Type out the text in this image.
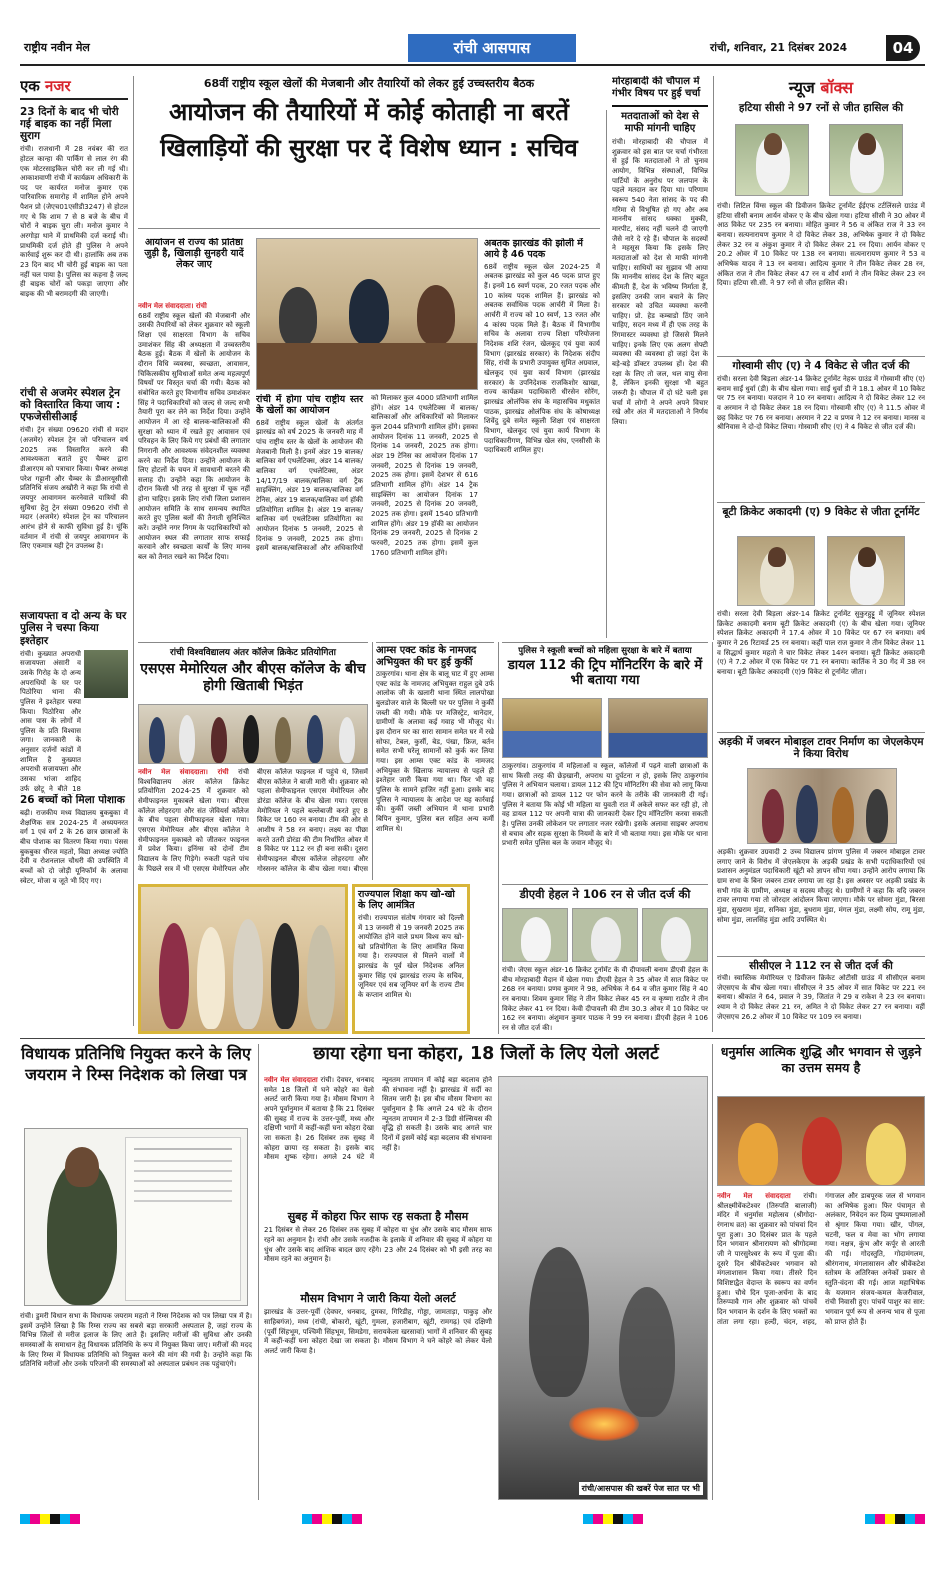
राष्ट्रीय नवीन मेल	रांची आसपास	रांची, शनिवार, 21 दिसंबर 2024	04
एक नजर
23 दिनों के बाद भी चोरी गई बाइक का नहीं मिला सुराग
रांची। राजधानी में 28 नवंबर की रात होटल कान्हा की पार्किंग से लाल रंग की एक मोटरसाइकिल चोरी कर ली गई थी। आकाशवाणी रांची में कार्यक्रम अधिकारी के पद पर कार्यरत मनोज कुमार एक पारिवारिक समारोह में शामिल होने अपने पैशन प्रो (जेएच01एसीडी3247) से होटल गए थे कि शाम 7 से 8 बजे के बीच में चोरों ने बाइक चुरा ली। मनोज कुमार ने अरगोड़ा थाने में प्राथमिकी दर्ज कराई थी। प्राथमिकी दर्ज होते ही पुलिस ने अपने कार्रवाई शुरू कर दी थी। हालांकि अब तक 23 दिन बाद भी चोरी हुई बाइक का पता नहीं चल पाया है। पुलिस का कहना है जल्द ही बाइक चोरों को पकड़ा जाएगा और बाइक की भी बरामदगी की जाएगी।
रांची से अजमेर स्पेशल ट्रेन को विस्तारित किया जाय : एफजेसीसीआई
रांची। ट्रेन संख्या 09620 रांची से मदार (अजमेर) स्पेशल ट्रेन जो परिचालन वर्ष 2025 तक विस्तारित करने की आवश्यकता बताते हुए चैम्बर द्वारा डीआरएम को पत्राचार किया। चैम्बर अध्यक्ष परेश गट्टानी और चैम्बर के डीआरयूसीसी प्रतिनिधि संजय अखौरी ने कहा कि रांची से जयपुर आवागमन करनेवाले यात्रियों की सुविधा हेतु ट्रेन संख्या 09620 रांची से मदार (अजमेर) स्पेशल ट्रेन का परिचालन आरंभ होने से काफी सुविधा हुई है। चूंकि वर्तमान में रांची से जयपुर आवागमन के लिए एकमात्र यही ट्रेन उपलब्ध है।
सजायफ्ता व दो अन्य के घर पुलिस ने चस्पा किया इश्तेहार
रांची। कुख्यात अपराधी सजायफ्ता अंसारी व उसके गिरोह के दो अन्य अपराधियों के घर पर पिठोरिया थाना की पुलिस ने इश्तेहार चस्पा किया। पिठोरिया और आस पास के लोगों में पुलिस के प्रति विश्वास जगा। जानकारी के अनुसार दर्जनों कांडों में शामिल है कुख्यात अपराधी सजायफ्ता और उसका भांजा शाहिद उर्फ छोटू ने बीते 18
26 बच्चों को मिला पोशाक
बढ़ी। राजकीय मध्य विद्यालय बुकबुका में शैक्षणिक सत्र 2024-25 में अध्ययनरत वर्ग 1 एवं वर्ग 2 के 26 छात्र छात्राओं के बीच पोशाक का वितरण किया गया। पंसस बुकबुका धीरज महतो, विद्या अध्यक्ष ज्योति देवी व रोशनलाल चौधरी की उपस्थिति में बच्चों को दो जोड़ी यूनिफॉर्म के अलावा स्वेटर, मोजा व जूते भी दिए गए।
68वीं राष्ट्रीय स्कूल खेलों की मेजबानी और तैयारियों को लेकर हुई उच्चस्तरीय बैठक
आयोजन की तैयारियों में कोई कोताही ना बरतें
खिलाड़ियों की सुरक्षा पर दें विशेष ध्यान : सचिव
आयोजन से राज्य की प्रतिष्ठा जुड़ी है, खिलाड़ी सुनहरी यादें लेकर जाए
नवीन मेल संवाददाता। रांची
68वें राष्ट्रीय स्कूल खेलों की मेजबानी और उसकी तैयारियों को लेकर शुक्रवार को स्कूली शिक्षा एवं साक्षरता विभाग के सचिव उमाशंकर सिंह की अध्यक्षता में उच्चस्तरीय बैठक हुई। बैठक में खेलों के आयोजन के दौरान विधि व्यवस्था, स्वच्छता, आवासन, चिकित्सकीय सुविधाओं समेत अन्य महत्वपूर्ण विषयों पर विस्तृत चर्चा की गयी। बैठक को संबोधित करते हुए विभागीय सचिव उमाशंकर सिंह ने पदाधिकारियों को जल्द से जल्द सभी तैयारी पूरा कर लेने का निर्देश दिया। उन्होंने आयोजन में आ रहे बालक-बालिकाओं की सुरक्षा को ध्यान में रखते हुए आवासन एवं परिवहन के लिए किये गए प्रबंधों की लगातार निगरानी और आवश्यक संवेदनशील व्यवस्था करने का निर्देश दिया। उन्होंने आयोजन के लिए होटलों के चयन में सावधानी बरतने की सलाह दी। उन्होंने कहा कि आयोजन के दौरान किसी भी तरह से सुरक्षा में चूक नहीं होना चाहिए। इसके लिए रांची जिला प्रशासन आयोजन समिति के साथ समन्वय स्थापित करते हुए पुलिस बलों की तैनाती सुनिश्चित करें। उन्होंने नगर निगम के पदाधिकारियों को आयोजन स्थल की लगातार साफ सफाई करवाने और स्वच्छता कार्यों के लिए मानव बल को तैनात रखने का निर्देश दिया।
रांची में होगा पांच राष्ट्रीय स्तर के खेलों का आयोजन
68वें राष्ट्रीय स्कूल खेलों के अंतर्गत झारखंड को वर्ष 2025 के जनवरी माह में पांच राष्ट्रीय स्तर के खेलों के आयोजन की मेजबानी मिली है। इनमें अंडर 19 बालक/बालिका वर्ग एथलेटिक्स, अंडर 14 बालक/बालिका वर्ग एथलेटिक्स, अंडर 14/17/19 बालक/बालिका वर्ग ट्रैक साइक्लिंग, अंडर 19 बालक/बालिका वर्ग टेनिस, अंडर 19 बालक/बालिका वर्ग हॉकी प्रतियोगिता शामिल है। अंडर 19 बालक/बालिका वर्ग एथलेटिक्स प्रतियोगिता का आयोजन दिनांक 5 जनवरी, 2025 से दिनांक 9 जनवरी, 2025 तक होगा। इसमें बालक/बालिकाओं और अधिकारियों को मिलाकर कुल 4000 प्रतिभागी शामिल होंगे। अंडर 14 एथलेटिक्स में बालक/बालिकाओं और अधिकारियों को मिलाकर कुल 2044 प्रतिभागी शामिल होंगे। इसका आयोजन दिनांक 11 जनवरी, 2025 से दिनांक 14 जनवरी, 2025 तक होगा। अंडर 19 टेनिस का आयोजन दिनांक 17 जनवरी, 2025 से दिनांक 19 जनवरी, 2025 तक होगा। इसमें देशभर से 616 प्रतिभागी शामिल होंगे। अंडर 14 ट्रैक साइक्लिंग का आयोजन दिनांक 17 जनवरी, 2025 से दिनांक 20 जनवरी, 2025 तक होगा। इसमें 1540 प्रतिभागी शामिल होंगे। अंडर 19 हॉकी का आयोजन दिनांक 29 जनवरी, 2025 से दिनांक 2 फरवरी, 2025 तक होगा। इसमें कुल 1760 प्रतिभागी शामिल होंगे।
अबतक झारखंड की झोली में आये है 46 पदक
68वें राष्ट्रीय स्कूल खेल 2024-25 में अबतक झारखंड को कुल 46 पदक प्राप्त हुए हैं। इनमें 16 स्वर्ण पदक, 20 रजत पदक और 10 कांस्य पदक शामिल हैं। झारखंड को अबतक सर्वाधिक पदक आर्चरी में मिला है। आर्चरी में राज्य को 10 स्वर्ण, 13 रजत और 4 कांस्य पदक मिले हैं। बैठक में विभागीय सचिव के अलावा राज्य शिक्षा परियोजना निदेशक शशि रंजन, खेलकूद एवं युवा कार्य विभाग (झारखंड सरकार) के निदेशक संदीप सिंह, रांची के प्रभारी उपायुक्त सुमित अग्रवाल, खेलकूद एवं युवा कार्य विभाग (झारखंड सरकार) के उपनिदेशक राजकिशोर खाखा, राज्य कार्यक्रम पदाधिकारी धीरसेन सोरेंग, झारखंड ओलंपिक संघ के महासचिव मधुकांत पाठक, झारखंड ओलंपिक संघ के कोषाध्यक्ष शिवेंदु दुबे समेत स्कूली शिक्षा एवं साक्षरता विभाग, खेलकूद एवं युवा कार्य विभाग के पदाधिकारीगण, विभिन्न खेल संघ, एनसीसी के पदाधिकारी शामिल हुए।
मोरहाबादी की चौपाल में गंभीर विषय पर हुई चर्चा
मतदाताओं को देश से माफी मांगनी चाहिए
रांची। मोरहाबादी की चौपाल में शुक्रवार को इस बात पर चर्चा गंभीरता से हुई कि मतदाताओं ने तो चुनाव आयोग, विभिन्न संस्थाओं, विभिन्न पार्टियों के अनुरोध पर जलपान के पहले मतदान कर दिया था। परिणाम स्वरूप 540 नेता सांसद के पद की गरिमा से विभूषित हो गए और अब माननीय सांसद धक्का मुक्की, मारपीट, संसद नहीं चलने दी जाएगी जैसे नारे दे रहे हैं। चौपाल के सदस्यों ने महसूस किया कि इसके लिए मतदाताओं को देश से माफी मांगनी चाहिए। साथियों का सुझाव भी आया कि माननीय सांसद देश के लिए बहुत कीमती हैं, देश के भविष्य निर्माता हैं, इसलिए उनकी जान बचाने के लिए सरकार को उचित व्यवस्था करनी चाहिए। प्रो. हेड कम्बाडो ठिंए जाने चाहिए, सदन मध्य में ही एक तरह के रिंगमास्टर व्यवस्था हो जिससे मिलने चाहिए। इनके लिए एक अलग सेफ्टी व्यवस्था की व्यवस्था हो जहां देश के बड़े-बड़े डॉक्टर उपलब्ध हों। देश की रक्षा के लिए तो जल, थल वायु सेना है, लेकिन इनकी सुरक्षा भी बहुत जरूरी है। चौपाल में दो घंटे चली इस चर्चा में लोगों ने अपने अपने विचार रखे और अंत में मतदाताओं ने निर्णय लिया।
न्यूज बॉक्स
हटिया सीसी ने 97 रनों से जीत हासिल की
रांची। लिटिल विंग्स स्कूल की डिवीजन क्रिकेट टूर्नामेंट ईईएफ टर्टलिंसले ग्राउंड में हटिया सीसी बनाम आर्यन वोकर ए के बीच खेला गया। हटिया सीसी ने 30 ओवर में आठ विकेट पर 235 रन बनाया। मोहित कुमार ने 56 व अंकित राज ने 33 रन बनाया। सत्यनारायण कुमार ने दो विकेट लेकर 38, अभिषेक कुमार ने दो विकेट लेकर 32 रन व अंकुश कुमार ने दो विकेट लेकर 21 रन दिया। आर्यन वोकर ए 20.2 ओवर में 10 विकेट पर 138 रन बनाया। सत्यनारायण कुमार ने 53 व अभिषेक यादव ने 13 रन बनाया। आदित्य कुमार ने तीन विकेट लेकर 28 रन, अंकित राज ने तीन विकेट लेकर 47 रन व शौर्य शर्मा ने तीन विकेट लेकर 23 रन दिया। हटिया सी.सी. ने 97 रनों से जीत हासिल की।
गोस्वामी सीए (ए) ने 4 विकेट से जीत दर्ज की
रांची। सरला देवी बिड़ला अंडर-14 क्रिकेट टूर्नामेंट नेहरू ग्राउंड में गोस्वामी सीए (ए) बनाम साईं धुर्वा (डी) के बीच खेला गया। साईं धुर्वा डी ने 18.1 ओवर में 10 विकेट पर 75 रन बनाया। यजदान ने 10 रन बनाया। आदित्य ने दो विकेट लेकर 12 रन व अरमान ने दो विकेट लेकर 18 रन दिया। गोस्वामी सीए (ए) ने 11.5 ओवर में छह विकेट पर 76 रन बनाया। अरमान ने 22 व प्रणव ने 12 रन बनाया। मानस व श्रीनिवास ने दो-दो विकेट लिया। गोस्वामी सीए (ए) ने 4 विकेट से जीत दर्ज की।
बूटी क्रिकेट अकादमी (ए) 9 विकेट से जीता टूर्नामेंट
रांची। सरला देवी बिड़ला अंडर-14 क्रिकेट टूर्नामेंट सुकुरहुट्टू में जूनियर स्पेशल क्रिकेट अकादमी बनाम बूटी क्रिकेट अकादमी (ए) के बीच खेला गया। जूनियर स्पेशल क्रिकेट अकादमी ने 17.4 ओवर में 10 विकेट पर 67 रन बनाया। वर्ष कुमार ने 26 रिटायर्ड 25 रन बनाया। कहीं पाल राज कुमार ने तीन विकेट लेकर 11 व सिद्धार्थ कुमार महतो ने चार विकेट लेकर 14रन बनाया। बूटी क्रिकेट अकादमी (ए) ने 7.2 ओवर में एक विकेट पर 71 रन बनाया। कार्तिक ने 30 गेंद में 38 रन बनाया। बूटी क्रिकेट अकादमी (ए)9 विकेट से टूर्नामेंट जीता।
अड़की में जबरन मोबाइल टावर निर्माण का जेएलकेएम ने किया विरोध
अड़की। शुक्रवार उग्रवादी 2 उच्च विद्यालय प्रांगण पुलिस में जबरन मोबाइल टावर लगाए जाने के विरोध में जेएलकेएम के अड़की प्रखंड के सभी पदाधिकारियों एवं प्रशासन अनुमंडल पदाधिकारी खूंटी को ज्ञापन सौंपा गया। उन्होंने आरोप लगाया कि ग्राम सभा के बिना जबरन टावर लगाया जा रहा है। इस अवसर पर अड़की प्रखंड के सभी गांव के ग्रामीण, अध्यक्ष व सदस्य मौजूद थे। ग्रामीणों ने कहा कि यदि जबरन टावर लगाया गया तो जोरदार आंदोलन किया जाएगा। मौके पर सोमरा मुंडा, बिरसा मुंडा, सुखराम मुंडा, सनिका मुंडा, बुधराम मुंडा, मंगल मुंडा, लक्ष्मी सोय, रामू मुंडा, सोमा मुंडा, लालसिंह मुंडा आदि उपस्थित थे।
सीसीएल ने 112 रन से जीत दर्ज की
रांची। स्वास्तिक मेमोरियल ए डिवीजन क्रिकेट ओटीसी ग्राउंड में सीसीएल बनाम जेएसएच के बीच खेला गया। सीसीएल ने 35 ओवर में सात विकेट पर 221 रन बनाया। श्रीकांत ने 64, प्रवाल ने 39, जितांत ने 29 व राकेश ने 23 रन बनाया। श्याम ने दो विकेट लेकर 21 रन, अमित ने दो विकेट लेकर 27 रन बनाया। वहीं जेएसएच 26.2 ओवर में 10 विकेट पर 109 रन बनाया।
रांची विश्वविद्यालय अंतर कॉलेज क्रिकेट प्रतियोगिता
एसएस मेमोरियल और बीएस कॉलेज के बीच होगी खिताबी भिड़ंत
नवीन मेल संवाददाता। रांची रांची विश्वविद्यालय अंतर कॉलेज क्रिकेट प्रतियोगिता 2024-25 में शुक्रवार को सेमीफाइनल मुकाबले खेला गया। बीएस कॉलेज लोहरदगा और संत जेवियर्स कॉलेज के बीच पहला सेमीफाइनल खेला गया। एसएस मेमोरियल और बीएस कॉलेज ने सेमीफाइनल मुकाबले को जीतकर फाइनल में प्रवेश किया। इनिंग्स को दोनों टीम विद्यालय के लिए गिड़ेगे। रुकती पहले पांच के पिछले सत्र में भी एसएस मेमोरियल और बीएस कॉलेज फाइनल में पहुंचे थे, जिसमें बीएस कॉलेज ने बाजी मारी थी। शुक्रवार को पहला सेमीफाइनल एसएस मेमोरियल और डोरंडा कॉलेज के बीच खेला गया। एसएस मेमोरियल ने पहले बल्लेबाजी करते हुए 8 विकेट पर 160 रन बनाया। टीम की ओर से आशीष ने 58 रन बनाए। लक्ष्य का पीछा करते उतरी डोरंडा की टीम निर्धारित ओवर में 8 विकेट पर 112 रन ही बना सकी। दूसरा सेमीफाइनल बीएस कॉलेज लोहरदगा और गोस्सनर कॉलेज के बीच खेला गया। बीएस
राज्यपाल शिक्षा कप खो-खो के लिए आमंत्रित
रांची। राज्यपाल संतोष गंगवार को दिल्ली में 13 जनवरी से 19 जनवरी 2025 तक आयोजित होने वाले प्रथम विश्व कप खो-खो प्रतियोगिता के लिए आमंत्रित किया गया है। राज्यपाल से मिलने वालों में झारखंड के पूर्व खेल निदेशक अनिल कुमार सिंह एवं झारखंड राज्य के सचिव, जूनियर एवं सब जूनियर वर्ग के राज्य टीम के कप्तान शामिल थे।
आम्स एक्ट कांड के नामजद अभियुक्त की घर हुई कुर्की
ठाकुरगांव। थाना क्षेत्र के बालू घाट में हुए आम्स एक्ट कांड के नामजद अभियुक्त राहुल दुबे उर्फ आलोक जी के खलारी थाना स्थित लालपोखा बुलडोजर वाले के बिल्ली घर पर पुलिस ने कुर्की जब्ती की गयी। मौके पर मजिस्ट्रेट, थानेदार, ग्रामीणों के अलावा कई गवाह भी मौजूद थे। इस दौरान घर का सारा सामान समेत घर में रखे सोफा, टेबल, कुर्सी, बेड, पंखा, फ्रिज, बर्तन समेत सभी घरेलू सामानों को कुर्क कर लिया गया। इस आम्स एक्ट कांड के नामजद अभियुक्त के खिलाफ न्यायालय से पहले ही इश्तेहार जारी किया गया था। फिर भी वह पुलिस के सामने हाजिर नहीं हुआ। इसके बाद पुलिस ने न्यायालय के आदेश पर यह कार्रवाई की। कुर्की जब्ती अभियान में थाना प्रभारी बिपिन कुमार, पुलिस बल सहित अन्य कर्मी शामिल थे।
पुलिस ने स्कूली बच्चों को महिला सुरक्षा के बारे में बताया
डायल 112 की ट्रिप मॉनिटरिंग के बारे में भी बताया गया
ठाकुरगांव। ठाकुरगांव में महिलाओं व स्कूल, कॉलेजों में पढ़ने वाली छात्राओं के साथ किसी तरह की छेड़खानी, अपराध या दुर्घटना न हो, इसके लिए ठाकुरगांव पुलिस ने अभियान चलाया। डायल 112 की ट्रिप मॉनिटरिंग की सेवा को लागू किया गया। छात्राओं को डायल 112 पर फोन करने के तरीके की जानकारी दी गई। पुलिस ने बताया कि कोई भी महिला या युवती रात में अकेले सफर कर रही हो, तो वह डायल 112 पर अपनी यात्रा की जानकारी देकर ट्रिप मॉनिटरिंग करवा सकती है। पुलिस उनकी लोकेशन पर लगातार नजर रखेगी। इसके अलावा साइबर अपराध से बचाव और सड़क सुरक्षा के नियमों के बारे में भी बताया गया। इस मौके पर थाना प्रभारी समेत पुलिस बल के जवान मौजूद थे।
डीएवी हेहल ने 106 रन से जीत दर्ज की
रांची। जेएस स्कूल अंडर-16 क्रिकेट टूर्नामेंट के वी दीपावली बनाम डीएवी हेहल के बीच मोरहाबादी मैदान में खेला गया। डीएवी हेहल ने 35 ओवर में सात विकेट पर 268 रन बनाया। प्रणव कुमार ने 98, अभिषेक ने 64 व जीत कुमार सिंह ने 40 रन बनाया। शिवम कुमार सिंह ने तीन विकेट लेकर 45 रन व कृष्णा राठौर ने तीन विकेट लेकर 41 रन दिया। केवी दीपावली की टीम 30.3 ओवर में 10 विकेट पर 162 रन बनाया। अंशुमान कुमार पाठक ने 99 रन बनाया। डीएवी हेहल ने 106 रन से जीत दर्ज की।
विधायक प्रतिनिधि नियुक्त करने के लिए जयराम ने रिम्स निदेशक को लिखा पत्र
रांची। डुमरी विधान सभा के विधायक जयराम महतो ने रिम्स निदेशक को पत्र लिखा पत्र में है। इसमें उन्होंने लिखा है कि रिम्स राज्य का सबसे बड़ा सरकारी अस्पताल है, जहां राज्य के विभिन्न जिलों से मरीज इलाज के लिए आते हैं। इसलिए मरीजों की सुविधा और उनकी समस्याओं के समाधान हेतु विधायक प्रतिनिधि के रूप में नियुक्त किया जाए। मरीजों की मदद के लिए रिम्स में विधायक प्रतिनिधि को नियुक्त करने की मांग की गयी है। उन्होंने कहा कि प्रतिनिधि मरीजों और उनके परिजनों की समस्याओं को अस्पताल प्रबंधन तक पहुंचाएंगे।
छाया रहेगा घना कोहरा, 18 जिलों के लिए येलो अलर्ट
नवीन मेल संवाददाता रांची। देवघर, धनबाद समेत 18 जिलों में घने कोहरे का येलो अलर्ट जारी किया गया है। मौसम विभाग ने अपने पूर्वानुमान में बताया है कि 21 दिसंबर की सुबह में राज्य के उत्तर-पूर्वी, मध्य और दक्षिणी भागों में कहीं-कहीं घना कोहरा देखा जा सकता है। 26 दिसंबर तक सुबह में कोहरा छाया रह सकता है। इसके बाद मौसम शुष्क रहेगा। अगले 24 घंटे में न्यूनतम तापमान में कोई बड़ा बदलाव होने की संभावना नहीं है। झारखंड में सर्दी का सितम जारी है। इस बीच मौसम विभाग का पूर्वानुमान है कि अगले 24 घंटे के दौरान न्यूनतम तापमान में 2-3 डिग्री सेल्सियस की वृद्धि हो सकती है। उसके बाद अगले चार दिनों में इसमें कोई बड़ा बदलाव की संभावना नहीं है।
सुबह में कोहरा फिर साफ रह सकता है मौसम
21 दिसंबर से लेकर 26 दिसंबर तक सुबह में कोहरा या धुंध और उसके बाद मौसम साफ रहने का अनुमान है। रांची और उसके नजदीक के इलाके में शनिवार की सुबह में कोहरा या धुंध और उसके बाद आंशिक बादल छाए रहेंगे। 23 और 24 दिसंबर को भी इसी तरह का मौसम रहने का अनुमान है।
मौसम विभाग ने जारी किया येलो अलर्ट
झारखंड के उत्तर-पूर्वी (देवघर, धनबाद, दुमका, गिरिडीह, गोड्डा, जामताड़ा, पाकुड़ और साहिबगंज), मध्य (रांची, बोकारो, खूंटी, गुमला, हजारीबाग, खूंटी, रामगढ़) एवं दक्षिणी (पूर्वी सिंहभूम, पश्चिमी सिंहभूम, सिमडेगा, सरायकेला खरसावां) भागों में शनिवार की सुबह में कहीं-कहीं घना कोहरा देखा जा सकता है। मौसम विभाग ने घने कोहरे को लेकर येलो अलर्ट जारी किया है।
रांची/आसपास की खबरें पेज सात पर भी
धनुर्मास आत्मिक शुद्धि और भगवान से जुड़ने का उत्तम समय है
नवीन मेल संवाददाता रांची। श्रीलक्ष्मीवेंकटेश्वर (तिरुपति बालाजी) मंदिर में धनुर्मास महोत्सव (श्रीगोदा-रंगनाथ व्रत) का शुक्रवार को पांचवां दिन पूरा हुआ। 30 दिसंबर प्रात के पहले दिन भगवान श्रीनारायण को श्रीगोदम्मा जी ने पारसुरेश्वर के रूप में पूजा की। दूसरे दिन श्रीवेंकटेश्वर भगवान को मंगलाशासन किया गया। तीसरे दिन विशिष्टाद्वैत वेदान्त के स्वरूप का वर्णन हुआ। चौथे दिन पूजा-अर्चना के बाद तिरुप्पावै गान और शुक्रवार को पांचवें दिन भगवान के दर्शन के लिए भक्तों का तांता लगा रहा। हल्दी, चंदन, शहद, गंगाजल और डाबपूरक जल से भगवान का अभिषेक हुआ। फिर पंचामृत से अलंकार, निवेदन कर दिव्य पुष्पमालाओं से श्रृंगार किया गया। खीर, पोंगल, चटनी, फल व मेवा का भोग लगाया गया। नक्षत्र, कुंभ और कर्पूर से आरती की गई। गोदस्तुति, गोदामंगलम, श्रीरंगनाथ, मंगलासासन और श्रीवेंकटेश स्तोत्रम के अतिरिक्त अनेकों प्रकार से स्तुति-वंदना की गई। आज महाभिषेक के यजमान संजय-कमल केजरीवाल, रांची निवासी हुए। पांचवें पाशुर का सार: भगवान पूर्ण रूप से अनन्य भाव से पूजा को प्राप्त होते हैं।
